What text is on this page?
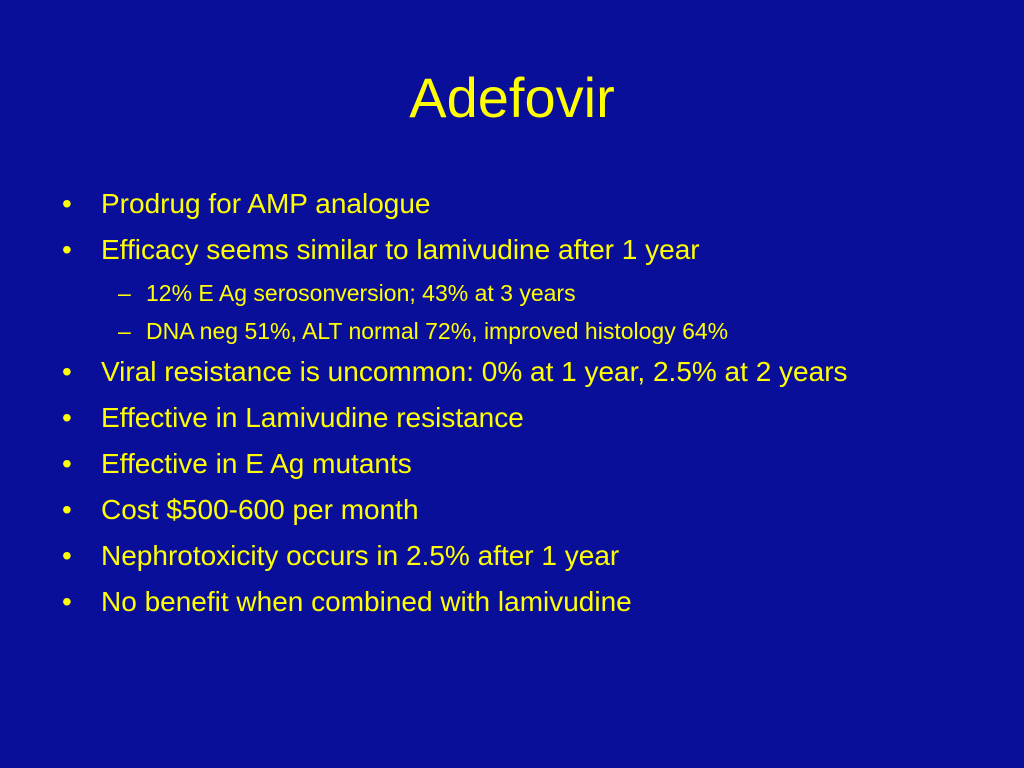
Adefovir
•	Prodrug for AMP analogue
•	Efficacy seems similar to lamivudine after 1 year
– 12% E Ag serosonversion; 43% at 3 years
– DNA neg 51%, ALT normal 72%, improved histology 64%
•	Viral resistance is uncommon: 0% at 1 year, 2.5% at 2 years
•	Effective in Lamivudine resistance
•	Effective in E Ag mutants
•	Cost $500-600 per month
•	Nephrotoxicity occurs in 2.5% after 1 year
•	No benefit when combined with lamivudine
